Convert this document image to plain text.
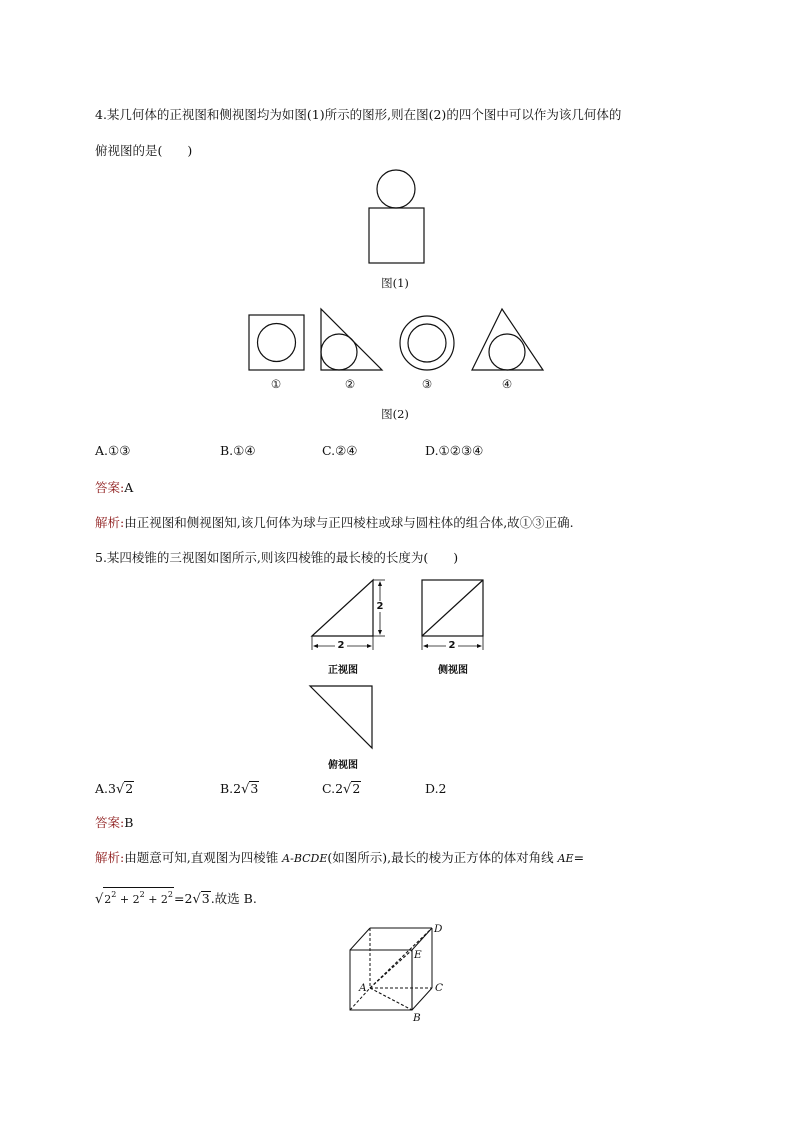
4.某几何体的正视图和侧视图均为如图(1)所示的图形,则在图(2)的四个图中可以作为该几何体的
俯视图的是(　　)
图(1)
①	②	③	④
图(2)
A.①③	B.①④	C.②④	D.①②③④
答案:A
解析:由正视图和侧视图知,该几何体为球与正四棱柱或球与圆柱体的组合体,故①③正确.
5.某四棱锥的三视图如图所示,则该四棱锥的最长棱的长度为(　　)
2
2
正视图
2
侧视图
俯视图
A.3√2	B.2√3	C.2√2	D.2
答案:B
解析:由题意可知,直观图为四棱锥 A-BCDE(如图所示),最长的棱为正方体的体对角线 AE=
$√2^2 + 2^2 + 2^2=2√3$.故选 B.
D
E
A	C
B
